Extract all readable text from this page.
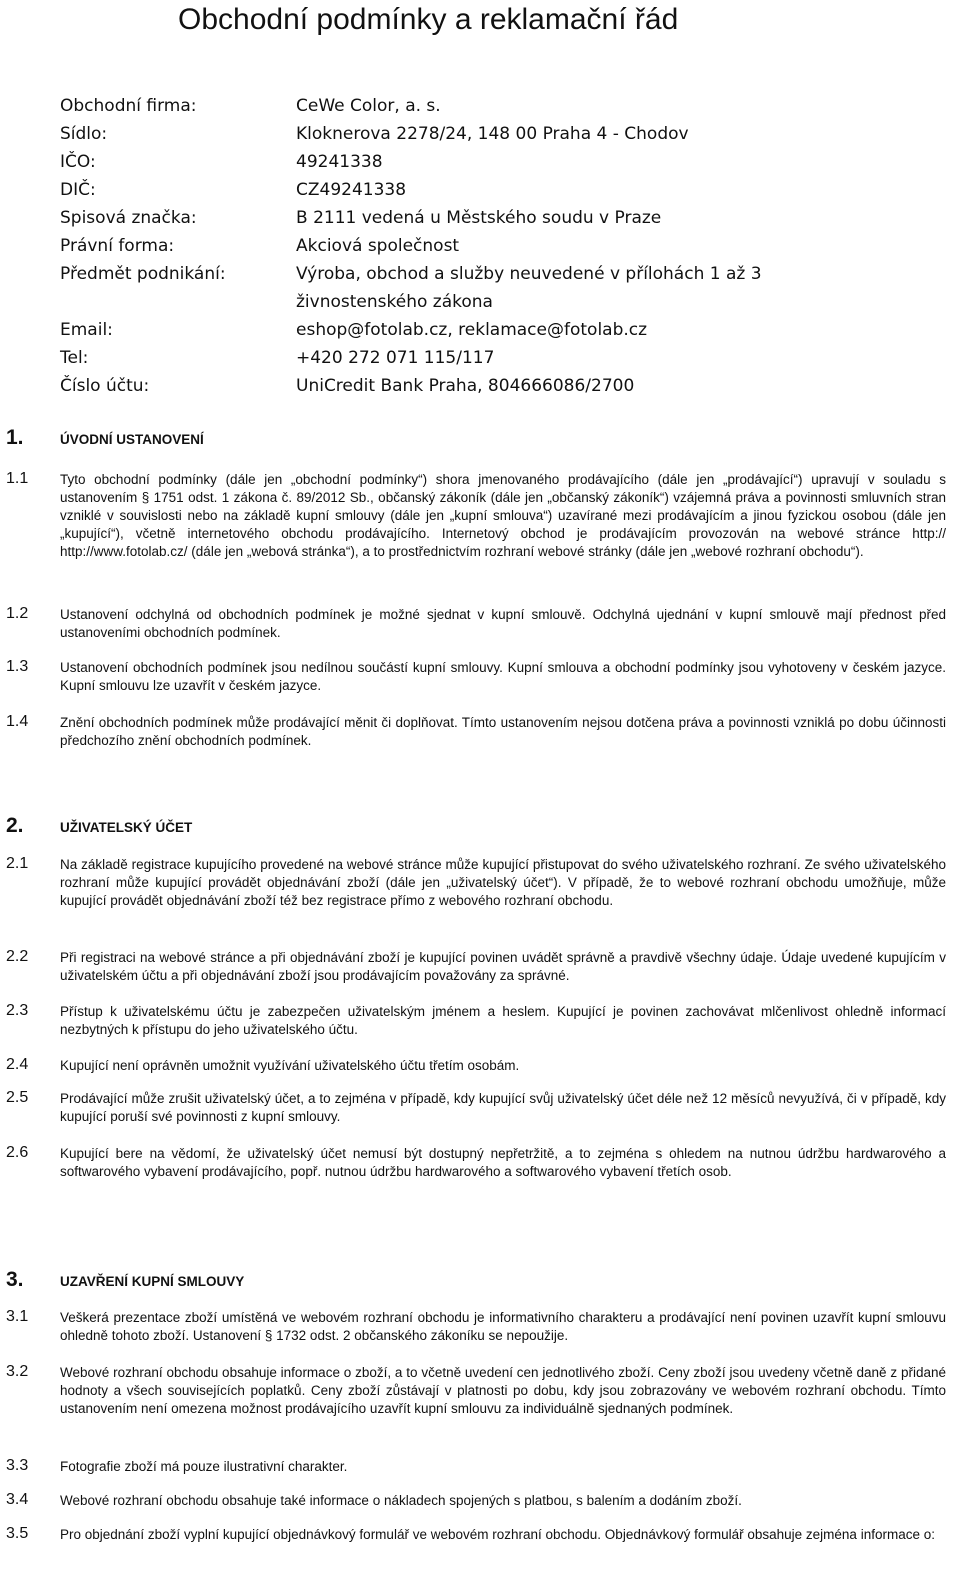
Obchodní podmínky a reklamační řád
Obchodní firma:	CeWe Color, a. s.
Sídlo:	Kloknerova 2278/24, 148 00 Praha 4 - Chodov
IČO:	49241338
DIČ:	CZ49241338
Spisová značka:	B 2111 vedená u Městského soudu v Praze
Právní forma:	Akciová společnost
Předmět podnikání:	Výroba, obchod a služby neuvedené v přílohách 1 až 3 živnostenského zákona
Email:	eshop@fotolab.cz, reklamace@fotolab.cz
Tel:	+420 272 071 115/117
Číslo účtu:	UniCredit Bank Praha, 804666086/2700
1.	ÚVODNÍ USTANOVENÍ
1.1	Tyto obchodní podmínky (dále jen „obchodní podmínky“) shora jmenovaného prodávajícího (dále jen „prodávající“) upravují v souladu s ustanovením § 1751 odst. 1 zákona č. 89/2012 Sb., občanský zákoník (dále jen „občanský zákoník“) vzájemná práva a povinnosti smluvních stran vzniklé v souvislosti nebo na základě kupní smlouvy (dále jen „kupní smlouva“) uzavírané mezi prodávajícím a jinou fyzickou osobou (dále jen „kupující“), včetně internetového obchodu prodávajícího. Internetový obchod je prodávajícím provozován na webové stránce http:// http://www.fotolab.cz/ (dále jen „webová stránka“), a to prostřednictvím rozhraní webové stránky (dále jen „webové rozhraní obchodu“).
1.2	Ustanovení odchylná od obchodních podmínek je možné sjednat v kupní smlouvě. Odchylná ujednání v kupní smlouvě mají přednost před ustanoveními obchodních podmínek.
1.3	Ustanovení obchodních podmínek jsou nedílnou součástí kupní smlouvy. Kupní smlouva a obchodní podmínky jsou vyhotoveny v českém jazyce. Kupní smlouvu lze uzavřít v českém jazyce.
1.4	Znění obchodních podmínek může prodávající měnit či doplňovat. Tímto ustanovením nejsou dotčena práva a povinnosti vzniklá po dobu účinnosti předchozího znění obchodních podmínek.
2.	UŽIVATELSKÝ ÚČET
2.1	Na základě registrace kupujícího provedené na webové stránce může kupující přistupovat do svého uživatelského rozhraní. Ze svého uživatelského rozhraní může kupující provádět objednávání zboží (dále jen „uživatelský účet“). V případě, že to webové rozhraní obchodu umožňuje, může kupující provádět objednávání zboží též bez registrace přímo z webového rozhraní obchodu.
2.2	Při registraci na webové stránce a při objednávání zboží je kupující povinen uvádět správně a pravdivě všechny údaje. Údaje uvedené kupujícím v uživatelském účtu a při objednávání zboží jsou prodávajícím považovány za správné.
2.3	Přístup k uživatelskému účtu je zabezpečen uživatelským jménem a heslem. Kupující je povinen zachovávat mlčenlivost ohledně informací nezbytných k přístupu do jeho uživatelského účtu.
2.4	Kupující není oprávněn umožnit využívání uživatelského účtu třetím osobám.
2.5	Prodávající může zrušit uživatelský účet, a to zejména v případě, kdy kupující svůj uživatelský účet déle než 12 měsíců nevyužívá, či v případě, kdy kupující poruší své povinnosti z kupní smlouvy.
2.6	Kupující bere na vědomí, že uživatelský účet nemusí být dostupný nepřetržitě, a to zejména s ohledem na nutnou údržbu hardwarového a softwarového vybavení prodávajícího, popř. nutnou údržbu hardwarového a softwarového vybavení třetích osob.
3.	UZAVŘENÍ KUPNÍ SMLOUVY
3.1	Veškerá prezentace zboží umístěná ve webovém rozhraní obchodu je informativního charakteru a prodávající není povinen uzavřít kupní smlouvu ohledně tohoto zboží. Ustanovení § 1732 odst. 2 občanského zákoníku se nepoužije.
3.2	Webové rozhraní obchodu obsahuje informace o zboží, a to včetně uvedení cen jednotlivého zboží. Ceny zboží jsou uvedeny včetně daně z přidané hodnoty a všech souvisejících poplatků. Ceny zboží zůstávají v platnosti po dobu, kdy jsou zobrazovány ve webovém rozhraní obchodu. Tímto ustanovením není omezena možnost prodávajícího uzavřít kupní smlouvu za individuálně sjednaných podmínek.
3.3	Fotografie zboží má pouze ilustrativní charakter.
3.4	Webové rozhraní obchodu obsahuje také informace o nákladech spojených s platbou, s balením a dodáním zboží.
3.5	Pro objednání zboží vyplní kupující objednávkový formulář ve webovém rozhraní obchodu. Objednávkový formulář obsahuje zejména informace o:
